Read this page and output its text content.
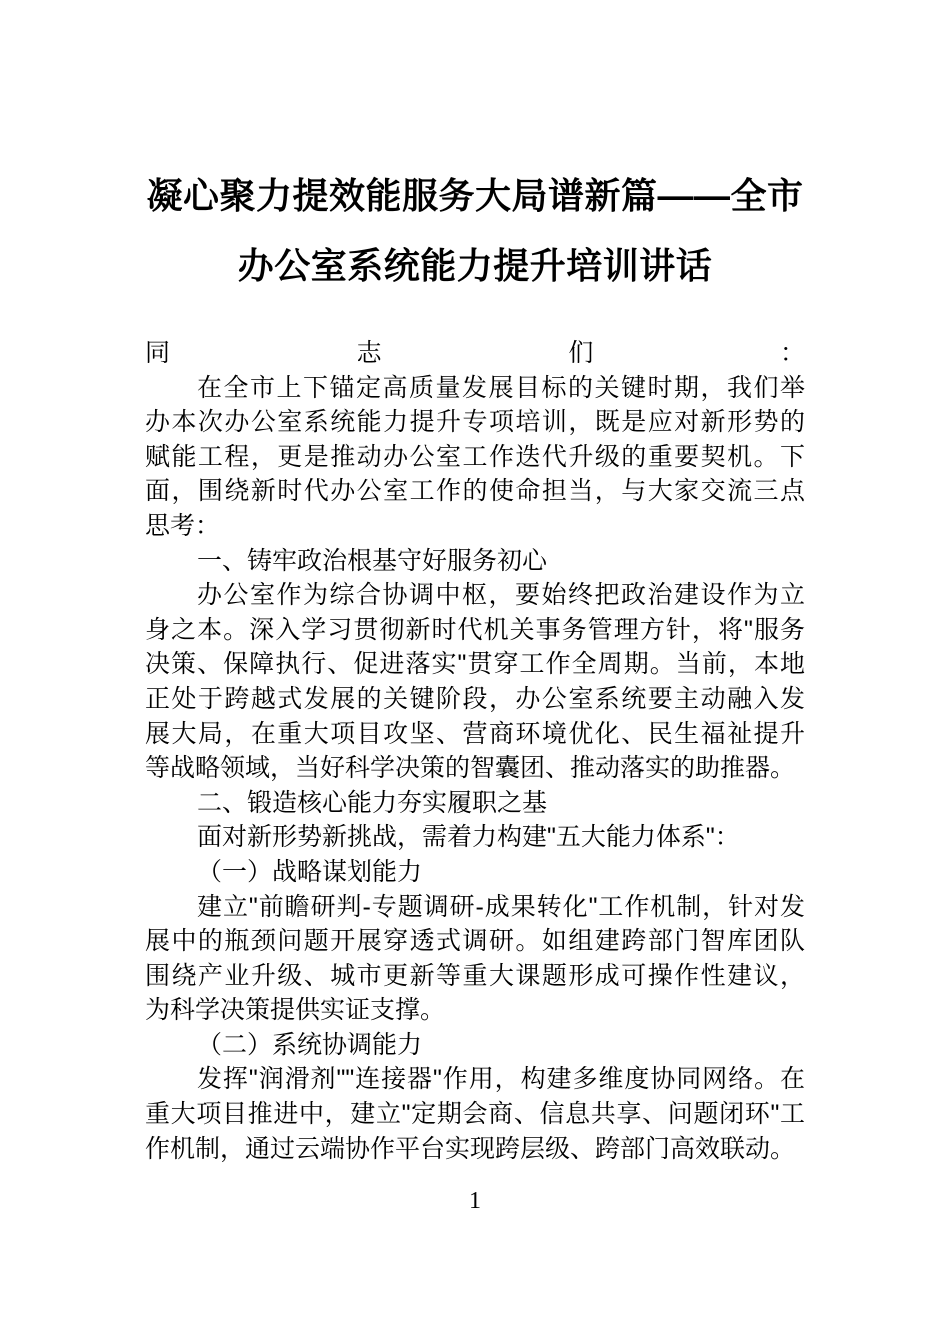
凝心聚力提效能服务大局谱新篇——全市
办公室系统能力提升培训讲话
同志们：
在全市上下锚定高质量发展目标的关键时期，我们举
办本次办公室系统能力提升专项培训，既是应对新形势的
赋能工程，更是推动办公室工作迭代升级的重要契机。下
面，围绕新时代办公室工作的使命担当，与大家交流三点
思考：
一、铸牢政治根基守好服务初心
办公室作为综合协调中枢，要始终把政治建设作为立
身之本。深入学习贯彻新时代机关事务管理方针，将"服务
决策、保障执行、促进落实"贯穿工作全周期。当前，本地
正处于跨越式发展的关键阶段，办公室系统要主动融入发
展大局，在重大项目攻坚、营商环境优化、民生福祉提升
等战略领域，当好科学决策的智囊团、推动落实的助推器。
二、锻造核心能力夯实履职之基
面对新形势新挑战，需着力构建"五大能力体系"：
（一）战略谋划能力
建立"前瞻研判-专题调研-成果转化"工作机制，针对发
展中的瓶颈问题开展穿透式调研。如组建跨部门智库团队
围绕产业升级、城市更新等重大课题形成可操作性建议，
为科学决策提供实证支撑。
（二）系统协调能力
发挥"润滑剂""连接器"作用，构建多维度协同网络。在
重大项目推进中，建立"定期会商、信息共享、问题闭环"工
作机制，通过云端协作平台实现跨层级、跨部门高效联动。
1
